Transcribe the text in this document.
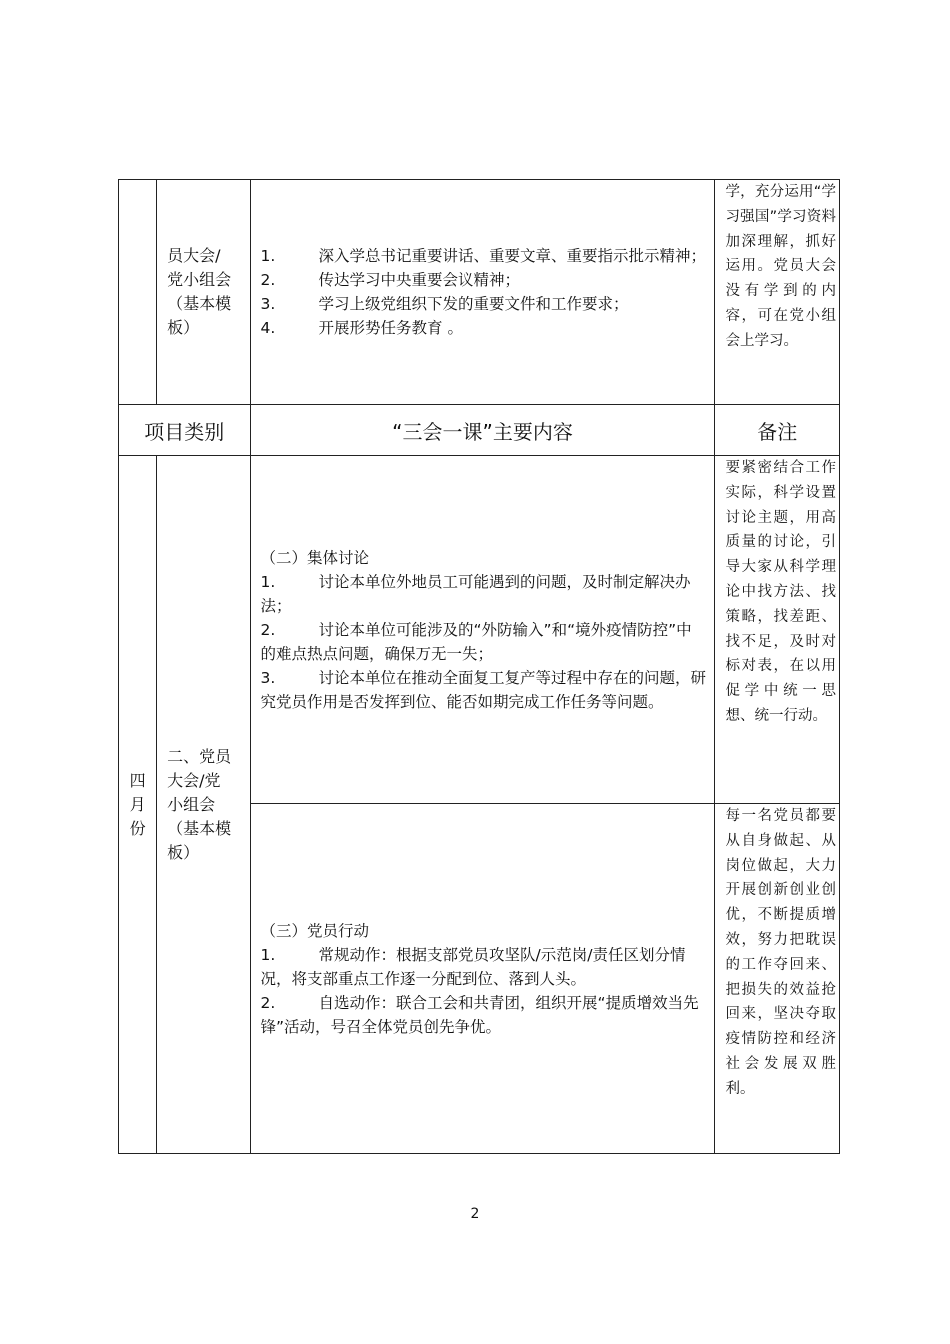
	员大会/党小组会（基本模板）	1. 深入学总书记重要讲话、重要文章、重要指示批示精神；
2. 传达学习中央重要会议精神；
3. 学习上级党组织下发的重要文件和工作要求；
4. 开展形势任务教育 。	学，充分运用“学习强国”学习资料加深理解，抓好运用。党员大会没有学到的内容，可在党小组会上学习。

项目类别		“三会一课”主要内容	备注

四月份	二、党员大会/党小组会（基本模板）	（二）集体讨论
1. 讨论本单位外地员工可能遇到的问题，及时制定解决办法；
2. 讨论本单位可能涉及的“外防输入”和“境外疫情防控”中的难点热点问题，确保万无一失；
3. 讨论本单位在推动全面复工复产等过程中存在的问题，研究党员作用是否发挥到位、能否如期完成工作任务等问题。	要紧密结合工作实际，科学设置讨论主题，用高质量的讨论，引导大家从科学理论中找方法、找策略，找差距、找不足，及时对标对表，在以用促学中统一思想、统一行动。

		（三）党员行动
1. 常规动作：根据支部党员攻坚队/示范岗/责任区划分情况，将支部重点工作逐一分配到位、落到人头。
2. 自选动作：联合工会和共青团，组织开展“提质增效当先锋”活动，号召全体党员创先争优。	每一名党员都要从自身做起、从岗位做起，大力开展创新创业创优，不断提质增效，努力把耽误的工作夺回来、把损失的效益抢回来，坚决夺取疫情防控和经济社会发展双胜利。
2
